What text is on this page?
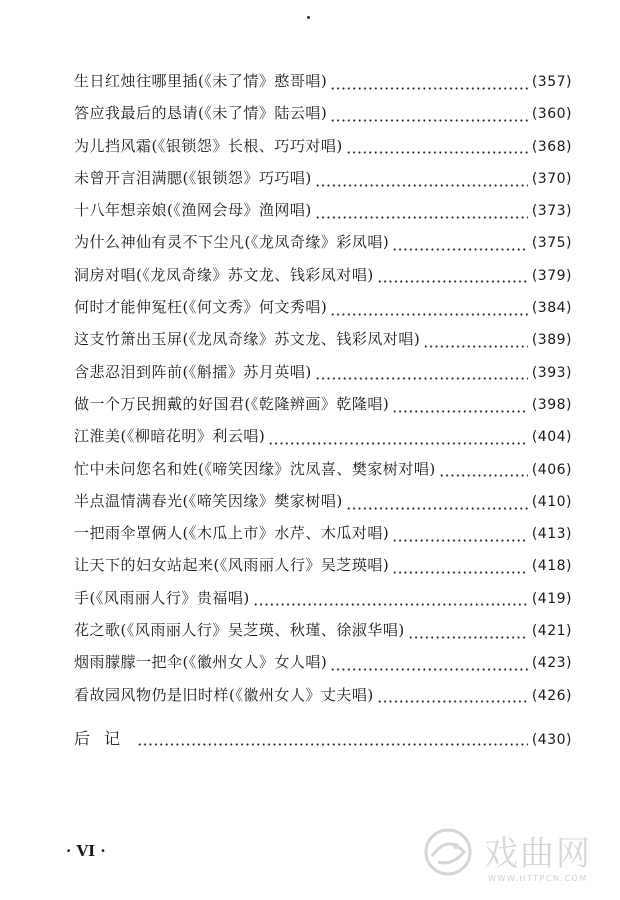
生日红烛往哪里插(《未了情》憨哥唱)	(357)
答应我最后的恳请(《未了情》陆云唱)	(360)
为儿挡风霜(《银锁怨》长根、巧巧对唱)	(368)
未曾开言泪满腮(《银锁怨》巧巧唱)	(370)
十八年想亲娘(《渔网会母》渔网唱)	(373)
为什么神仙有灵不下尘凡(《龙凤奇缘》彩凤唱)	(375)
洞房对唱(《龙凤奇缘》苏文龙、钱彩凤对唱)	(379)
何时才能伸冤枉(《何文秀》何文秀唱)	(384)
这支竹箫出玉屏(《龙凤奇缘》苏文龙、钱彩凤对唱)	(389)
含悲忍泪到阵前(《斛擂》苏月英唱)	(393)
做一个万民拥戴的好国君(《乾隆辨画》乾隆唱)	(398)
江淮美(《柳暗花明》利云唱)	(404)
忙中未问您名和姓(《啼笑因缘》沈凤喜、樊家树对唱)	(406)
半点温情满春光(《啼笑因缘》樊家树唱)	(410)
一把雨伞罩俩人(《木瓜上市》水芹、木瓜对唱)	(413)
让天下的妇女站起来(《风雨丽人行》吴芝瑛唱)	(418)
手(《风雨丽人行》贵福唱)	(419)
花之歌(《风雨丽人行》吴芝瑛、秋瑾、徐淑华唱)	(421)
烟雨朦朦一把伞(《徽州女人》女人唱)	(423)
看故园风物仍是旧时样(《徽州女人》丈夫唱)	(426)
后记	(430)
· VI ·	戏曲网
WWW.HTTPCN.COM
